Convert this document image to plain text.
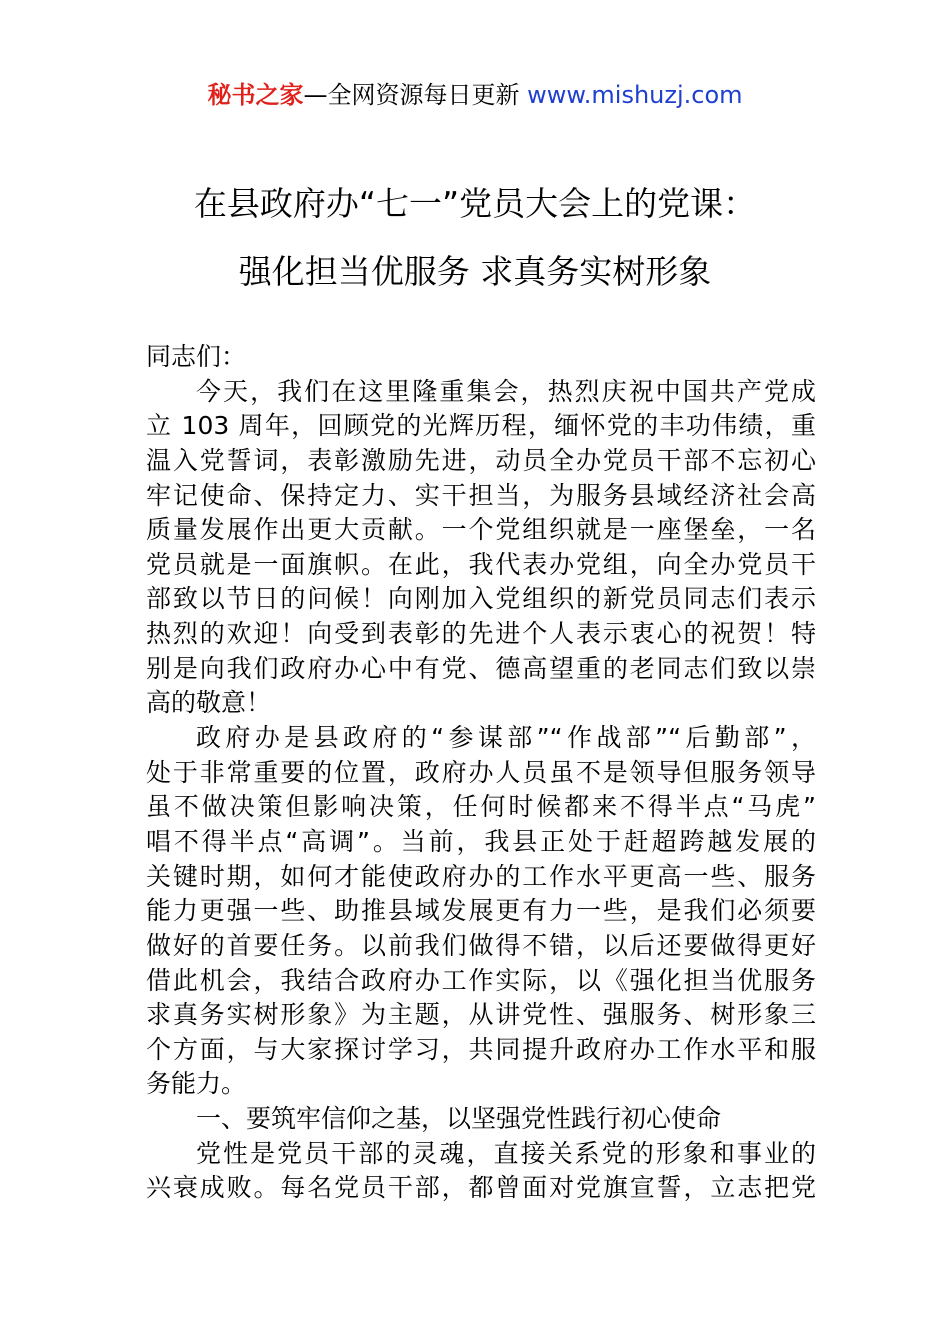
秘书之家—全网资源每日更新 www.mishuzj.com
在县政府办“七一”党员大会上的党课：
强化担当优服务 求真务实树形象
同志们：
今天，我们在这里隆重集会，热烈庆祝中国共产党成
立 103 周年，回顾党的光辉历程，缅怀党的丰功伟绩，重
温入党誓词，表彰激励先进，动员全办党员干部不忘初心
牢记使命、保持定力、实干担当，为服务县域经济社会高
质量发展作出更大贡献。一个党组织就是一座堡垒，一名
党员就是一面旗帜。在此，我代表办党组，向全办党员干
部致以节日的问候！向刚加入党组织的新党员同志们表示
热烈的欢迎！向受到表彰的先进个人表示衷心的祝贺！特
别是向我们政府办心中有党、德高望重的老同志们致以崇
高的敬意！
政府办是县政府的“参谋部”“作战部”“后勤部”，
处于非常重要的位置，政府办人员虽不是领导但服务领导
虽不做决策但影响决策，任何时候都来不得半点“马虎”
唱不得半点“高调”。当前，我县正处于赶超跨越发展的
关键时期，如何才能使政府办的工作水平更高一些、服务
能力更强一些、助推县域发展更有力一些，是我们必须要
做好的首要任务。以前我们做得不错，以后还要做得更好
借此机会，我结合政府办工作实际，以《强化担当优服务
求真务实树形象》为主题，从讲党性、强服务、树形象三
个方面，与大家探讨学习，共同提升政府办工作水平和服
务能力。
一、要筑牢信仰之基，以坚强党性践行初心使命
党性是党员干部的灵魂，直接关系党的形象和事业的
兴衰成败。每名党员干部，都曾面对党旗宣誓，立志把党
